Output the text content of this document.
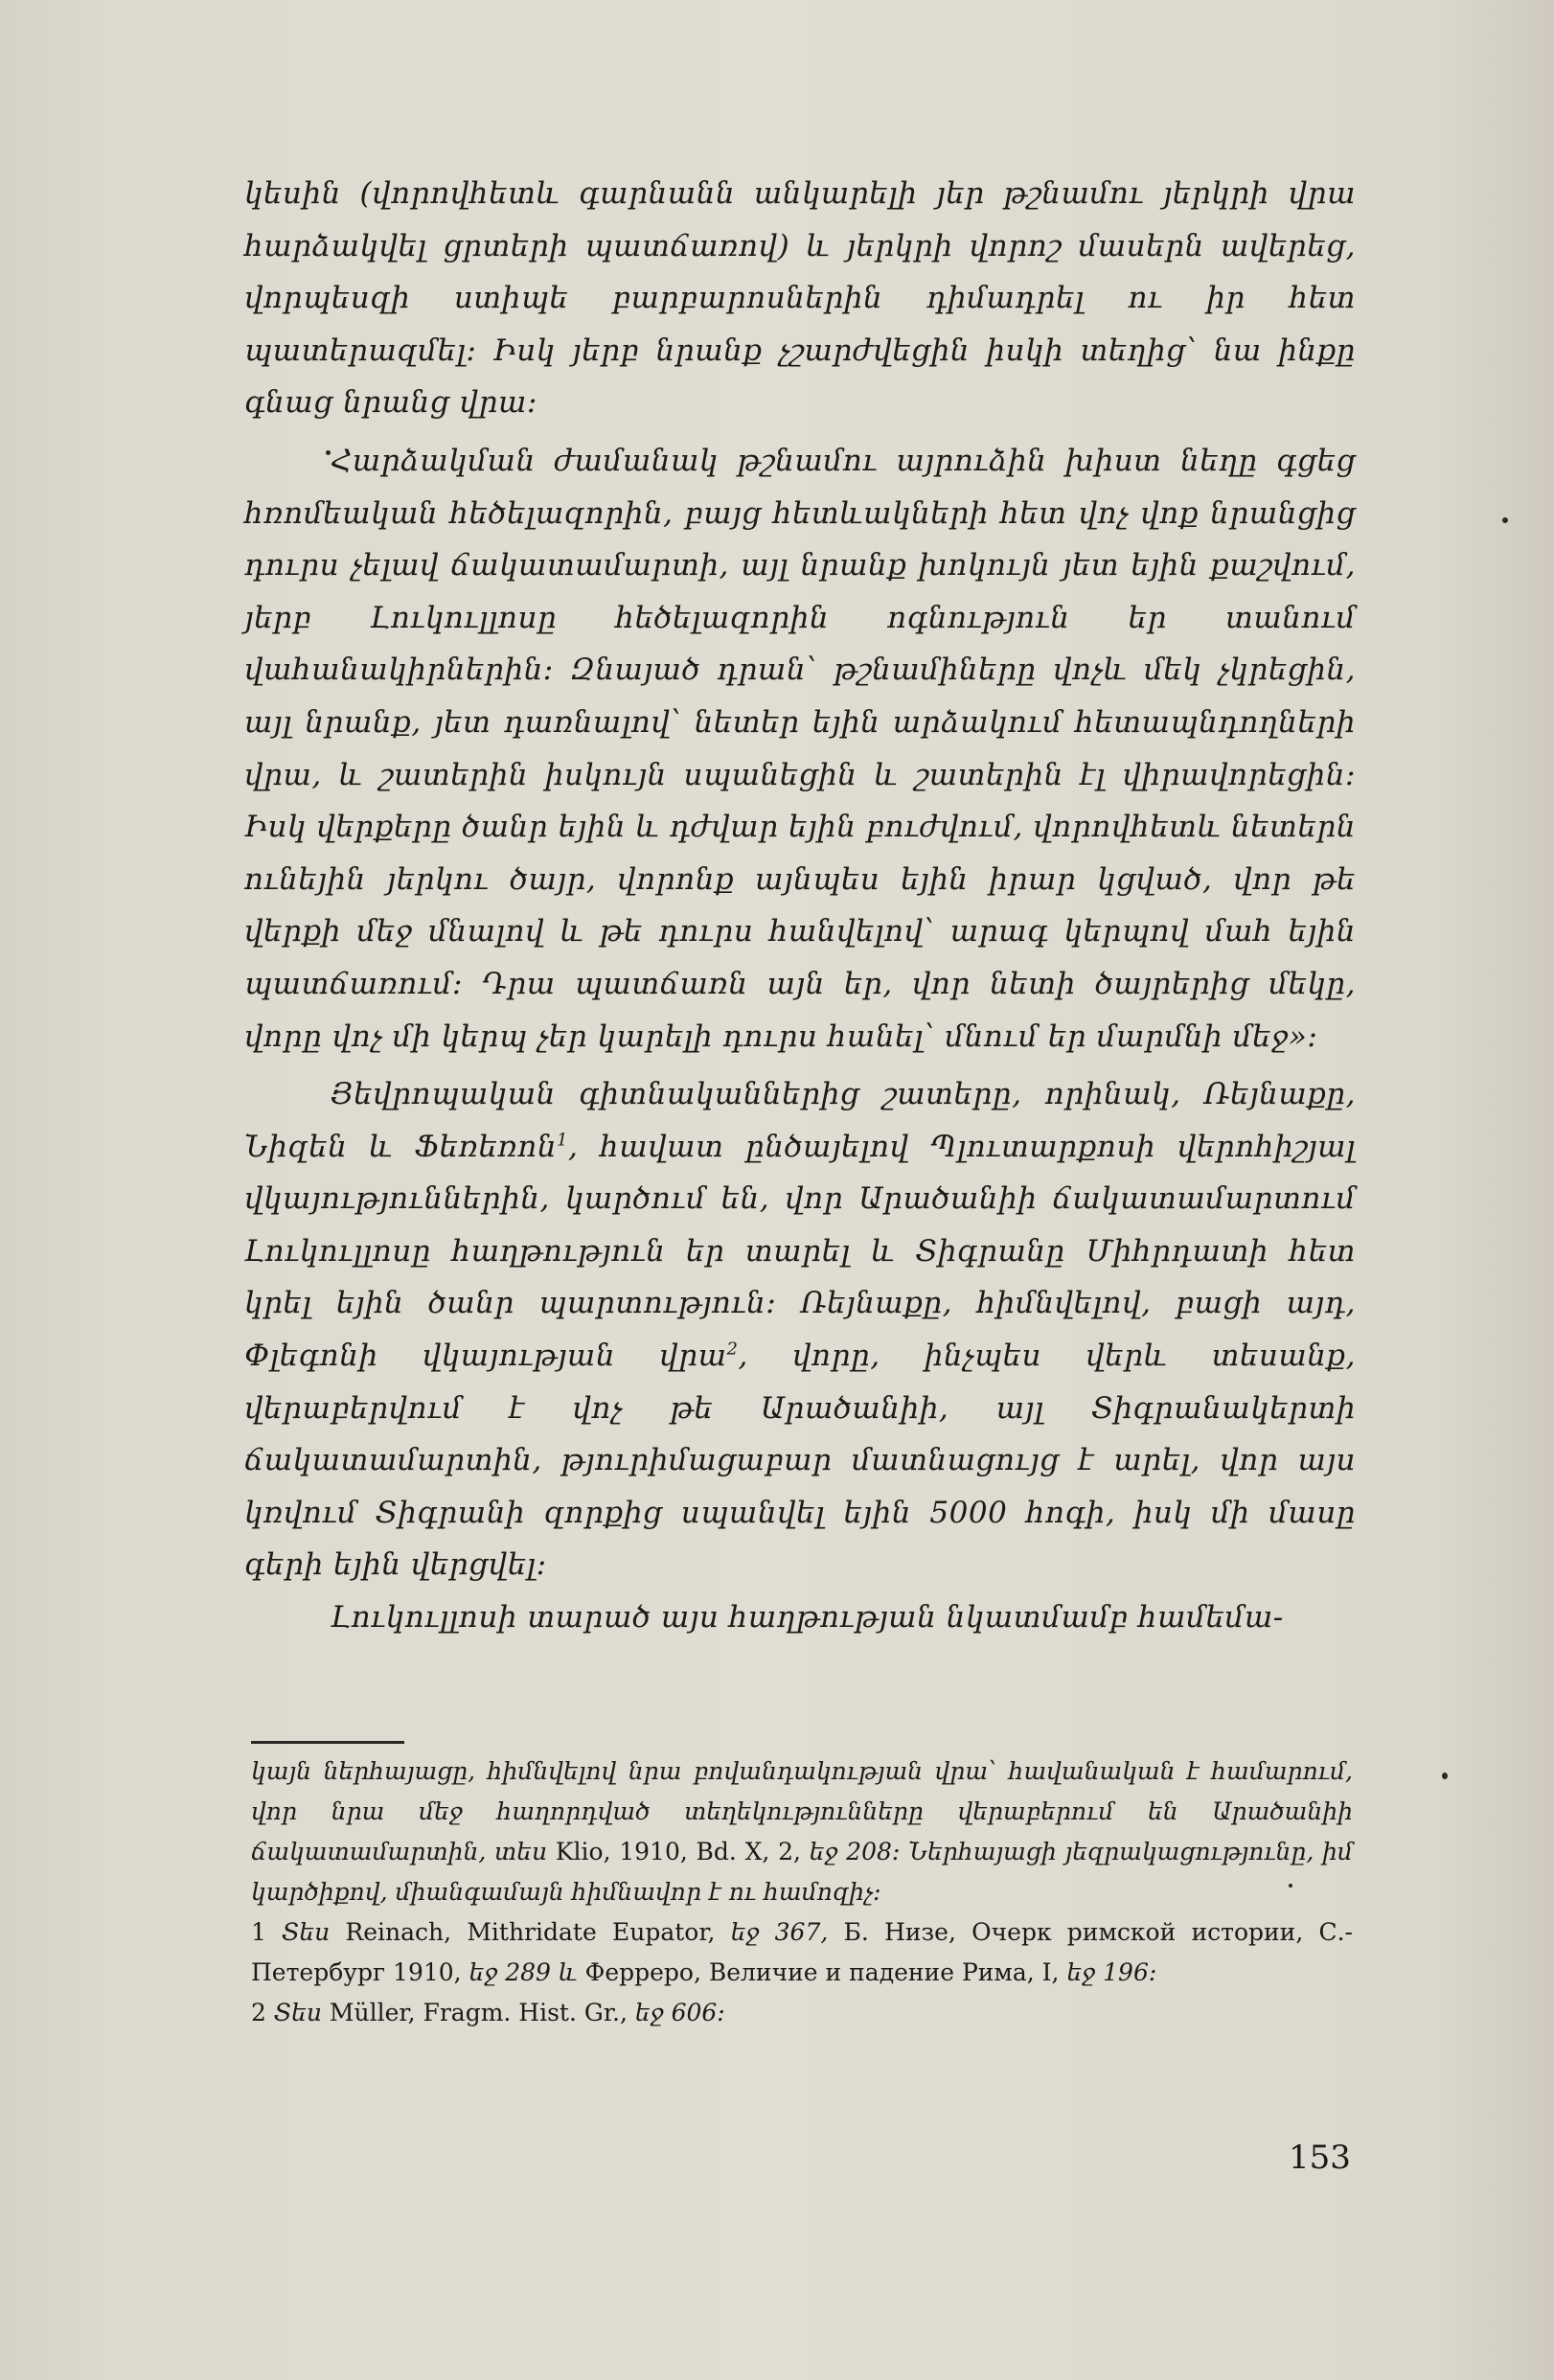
կեսին (վորովհետև գարնանն անկարելի յեր թշնամու յերկրի վրա հարձակվել ցրտերի պատճառով) և յերկրի վորոշ մասերն ավերեց, վորպեսզի ստիպե բարբարոսներին դիմադրել ու իր հետ պատերազմել։ Իսկ յերբ նրանք չշարժվեցին իսկի տեղից՝ նա ինքը գնաց նրանց վրա։

Հարձակման ժամանակ թշնամու այրուձին խիստ նեղը գցեց հռոմեական հեծելազորին, բայց հետևակների հետ վոչ վոք նրանցից դուրս չելավ ճակատամարտի, այլ նրանք խոկույն յետ եյին քաշվում, յերբ Լուկուլլոսը հեծելազորին ոգնություն եր տանում վահանակիրներին։ Զնայած դրան՝ թշնամիները վոչև մեկ չկրեցին, այլ նրանք, յետ դառնալով՝ նետեր եյին արձակում հետապնդողների վրա, և շատերին իսկույն սպանեցին և շատերին էլ վիրավորեցին։ Իսկ վերքերը ծանր եյին և դժվար եյին բուժվում, վորովհետև նետերն ունեյին յերկու ծայր, վորոնք այնպես եյին իրար կցված, վոր թե վերքի մեջ մնալով և թե դուրս հանվելով՝ արագ կերպով մահ եյին պատճառում։ Դրա պատճառն այն եր, վոր նետի ծայրերից մեկը, վորը վոչ մի կերպ չեր կարելի դուրս հանել՝ մնում եր մարմնի մեջ»։

Յեվրոպական գիտնականներից շատերը, որինակ, Ռեյնաքը, Նիզեն և Ֆեռեռոն$^1$, հավատ ընծայելով Պլուտարքոսի վերոհիշյալ վկայություններին, կարծում են, վոր Արածանիի ճակատամարտում Լուկուլլոսը հաղթություն եր տարել և Տիգրանը Միհրդատի հետ կրել եյին ծանր պարտություն։ Ռեյնաքը, հիմնվելով, բացի այդ, Փլեգոնի վկայության վրա$^2$, վորը, ինչպես վերև տեսանք, վերաբերվում է վոչ թե Արածանիի, այլ Տիգրանակերտի ճակատամարտին, թյուրիմացաբար մատնացույց է արել, վոր այս կռվում Տիգրանի զորքից սպանվել եյին 5000 հոգի, իսկ մի մասը գերի եյին վերցվել։

Լուկուլլոսի տարած այս հաղթության նկատմամբ համեմա-

կայն ներհայացը, հիմնվելով նրա բովանդակության վրա՝ հավանական է համարում, վոր նրա մեջ հաղորդված տեղեկությունները վերաբերում են Արածանիի ճակատամարտին, տես Klio, 1910, Bd. X, 2, եջ 208։ Ներհայացի յեզրակացությունը, իմ կարծիքով, միանգամայն հիմնավոր է ու համոզիչ։

1 Տես Reinach, Mithridate Eupator, եջ 367, Б. Низе, Очерк римской истории, С.-Петербург 1910, եջ 289 և Ферреро, Величие и падение Рима, I, եջ 196։

2 Տես Müller, Fragm. Hist. Gr., եջ 606։

153
